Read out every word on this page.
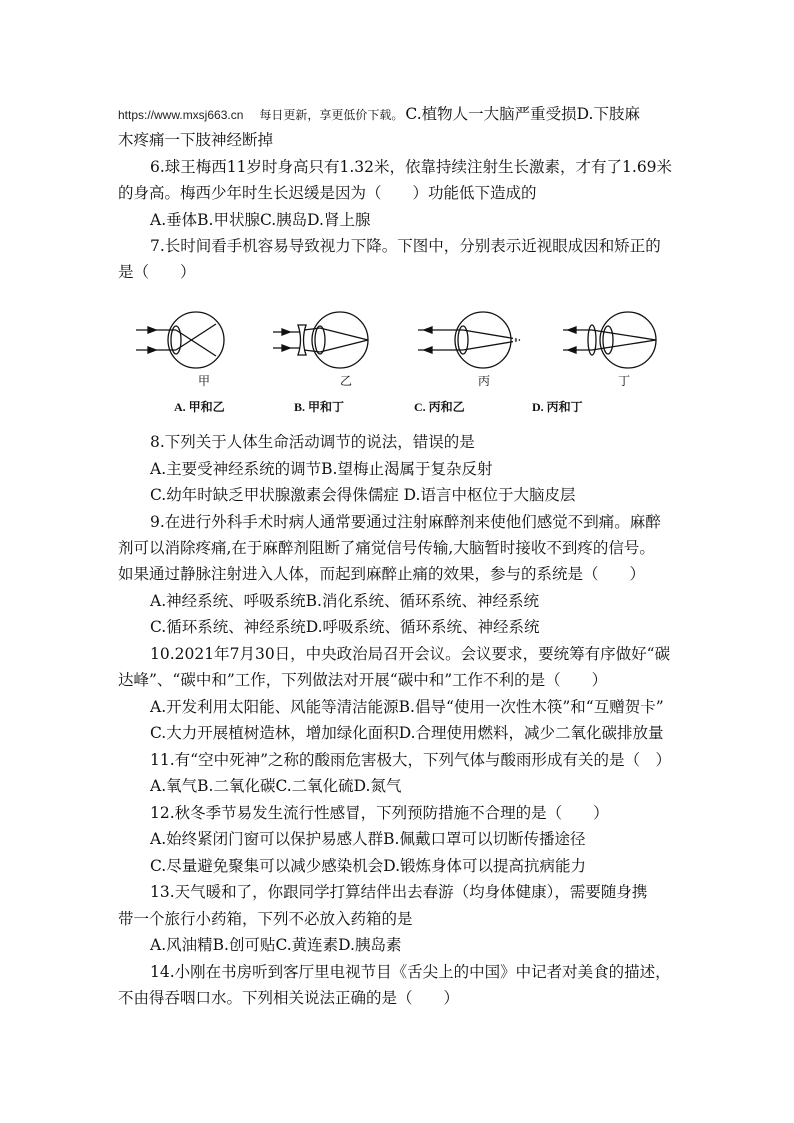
https://www.mxsj663.cn 每日更新，享更低价下载。 C.植物人一大脑严重受损D.下肢麻
木疼痛一下肢神经断掉
6.球王梅西11岁时身高只有1.32米，依靠持续注射生长激素，才有了1.69米
的身高。梅西少年时生长迟缓是因为（　　）功能低下造成的
A.垂体B.甲状腺C.胰岛D.肾上腺
7.长时间看手机容易导致视力下降。下图中，分别表示近视眼成因和矫正的
是（　　）
甲	乙	丙	丁
A. 甲和乙	B. 甲和丁	C. 丙和乙	D. 丙和丁
8.下列关于人体生命活动调节的说法，错误的是
A.主要受神经系统的调节B.望梅止渴属于复杂反射
C.幼年时缺乏甲状腺激素会得侏儒症 D.语言中枢位于大脑皮层
9.在进行外科手术时病人通常要通过注射麻醉剂来使他们感觉不到痛。麻醉
剂可以消除疼痛,在于麻醉剂阻断了痛觉信号传输,大脑暂时接收不到疼的信号。
如果通过静脉注射进入人体，而起到麻醉止痛的效果，参与的系统是（　　）
A.神经系统、呼吸系统B.消化系统、循环系统、神经系统
C.循环系统、神经系统D.呼吸系统、循环系统、神经系统
10.2021年7月30日，中央政治局召开会议。会议要求，要统筹有序做好“碳
达峰”、“碳中和”工作，下列做法对开展“碳中和”工作不利的是（　　）
A.开发利用太阳能、风能等清洁能源B.倡导“使用一次性木筷”和“互赠贺卡”
C.大力开展植树造林，增加绿化面积D.合理使用燃料，减少二氧化碳排放量
11.有“空中死神”之称的酸雨危害极大，下列气体与酸雨形成有关的是（　）
A.氧气B.二氧化碳C.二氧化硫D.氮气
12.秋冬季节易发生流行性感冒，下列预防措施不合理的是（　　）
A.始终紧闭门窗可以保护易感人群B.佩戴口罩可以切断传播途径
C.尽量避免聚集可以减少感染机会D.锻炼身体可以提高抗病能力
13.天气暖和了，你跟同学打算结伴出去春游（均身体健康），需要随身携
带一个旅行小药箱，下列不必放入药箱的是
A.风油精B.创可贴C.黄连素D.胰岛素
14.小刚在书房听到客厅里电视节目《舌尖上的中国》中记者对美食的描述，
不由得吞咽口水。下列相关说法正确的是（　　）
